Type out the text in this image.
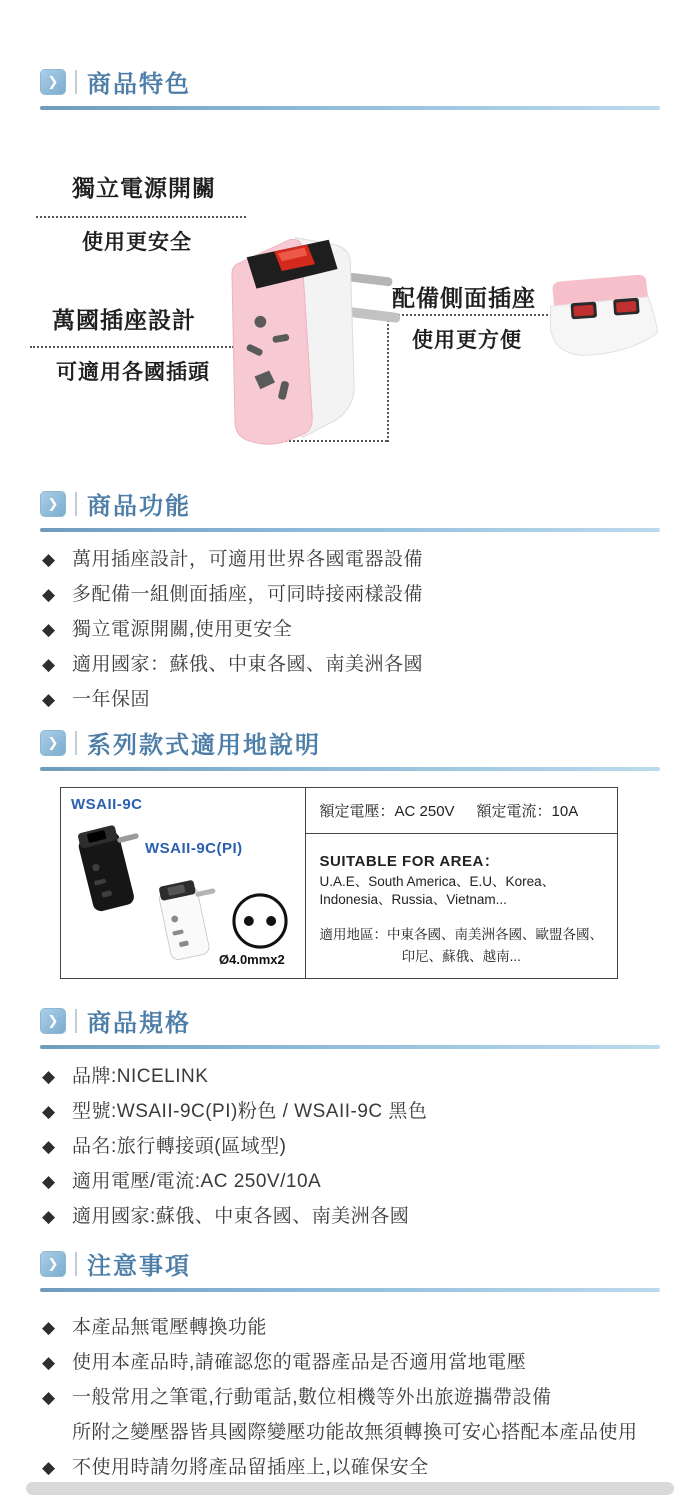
❯	商品特色
獨立電源開關
使用更安全
萬國插座設計
可適用各國插頭
配備側面插座
使用更方便
❯	商品功能
◆ 萬用插座設計，可適用世界各國電器設備
◆ 多配備一組側面插座，可同時接兩樣設備
◆ 獨立電源開關,使用更安全
◆ 適用國家：蘇俄、中東各國、南美洲各國
◆ 一年保固
❯	系列款式適用地說明
WSAII-9C
WSAII-9C(PI)
Ø4.0mmx2
額定電壓：AC 250V 額定電流：10A
SUITABLE FOR AREA：
U.A.E、South America、E.U、Korea、Indonesia、Russia、Vietnam...
適用地區：中東各國、南美洲各國、歐盟各國、
印尼、蘇俄、越南...
❯	商品規格
◆ 品牌:NICELINK
◆ 型號:WSAII-9C(PI)粉色 / WSAII-9C 黑色
◆ 品名:旅行轉接頭(區域型)
◆ 適用電壓/電流:AC 250V/10A
◆ 適用國家:蘇俄、中東各國、南美洲各國
❯	注意事項
◆ 本產品無電壓轉換功能
◆ 使用本產品時,請確認您的電器產品是否適用當地電壓
◆ 一般常用之筆電,行動電話,數位相機等外出旅遊攜帶設備
所附之變壓器皆具國際變壓功能故無須轉換可安心搭配本產品使用
◆ 不使用時請勿將產品留插座上,以確保安全
